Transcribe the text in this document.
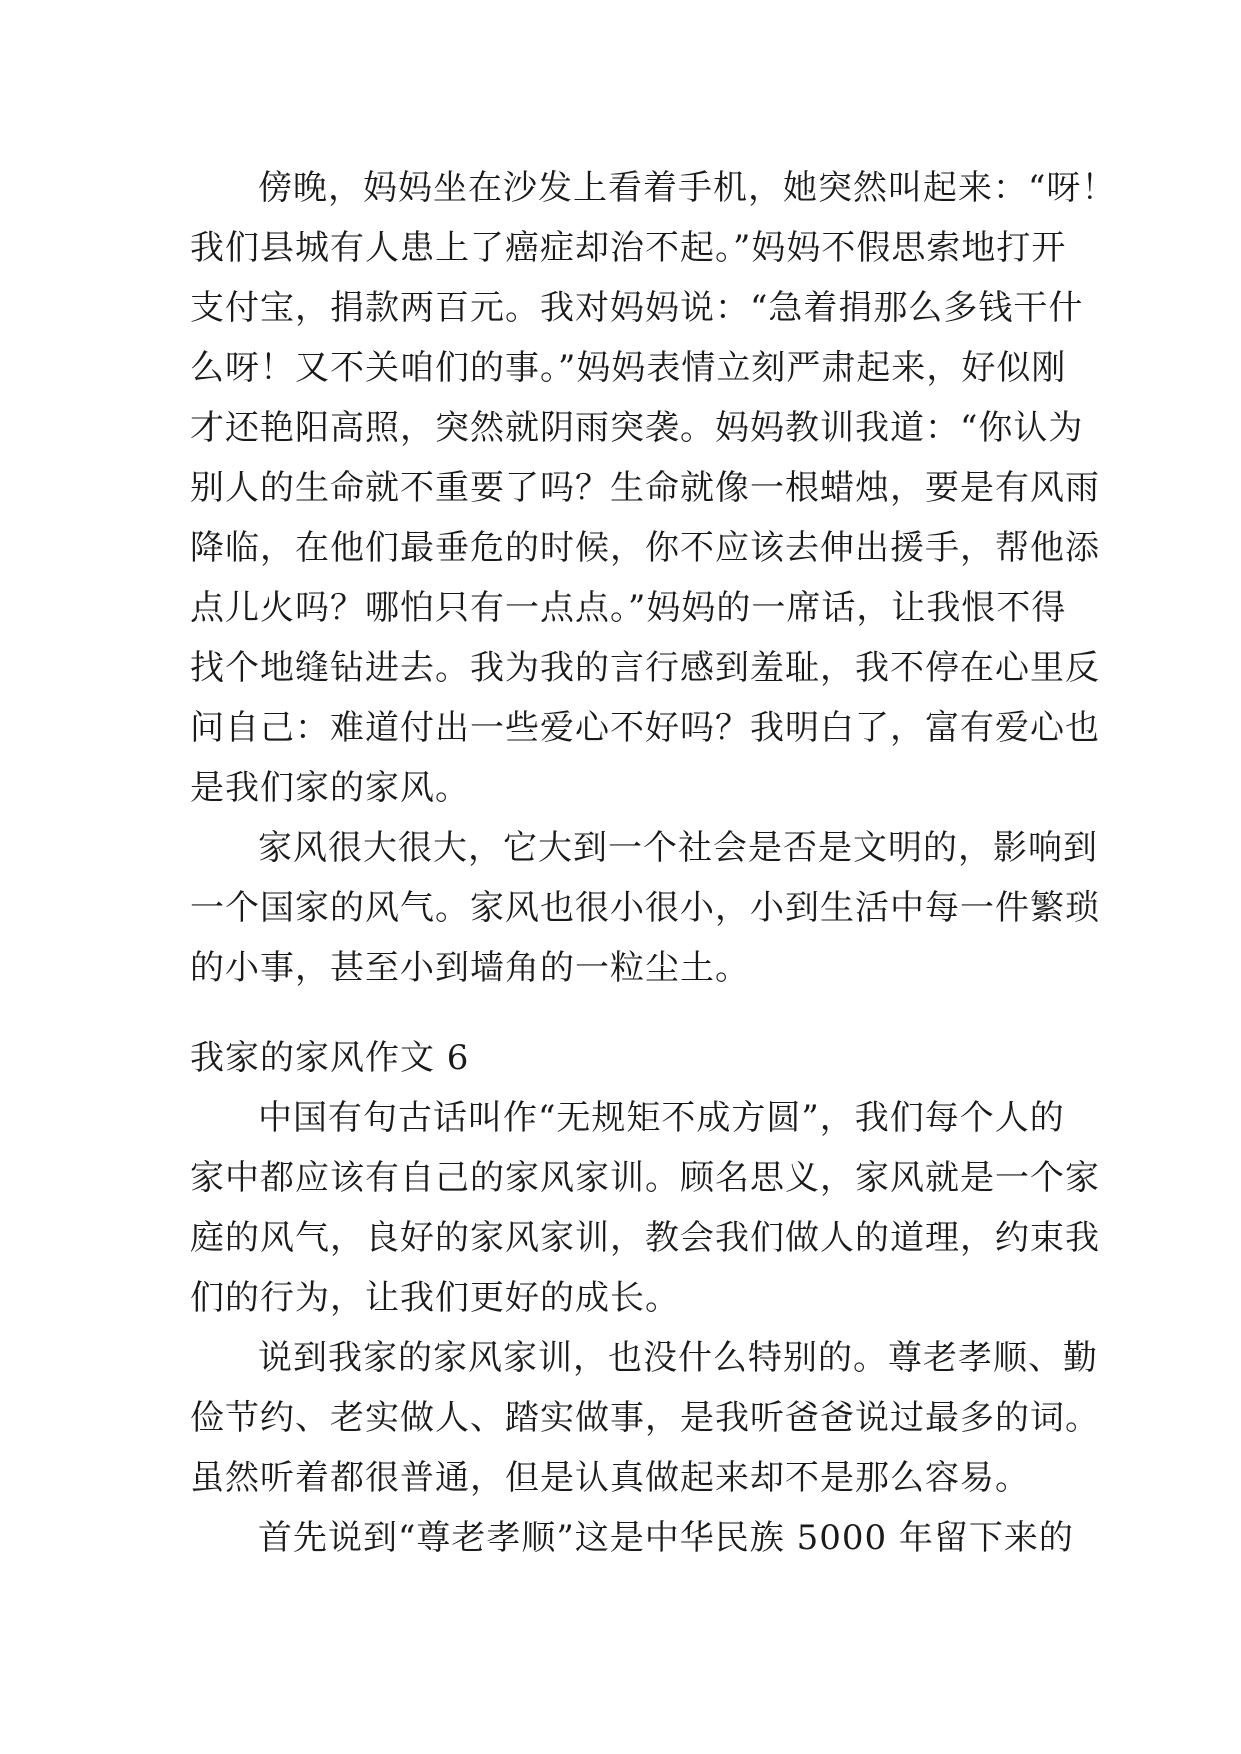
傍晚，妈妈坐在沙发上看着手机，她突然叫起来：“呀！
我们县城有人患上了癌症却治不起。”妈妈不假思索地打开
支付宝，捐款两百元。我对妈妈说：“急着捐那么多钱干什
么呀！又不关咱们的事。”妈妈表情立刻严肃起来，好似刚
才还艳阳高照，突然就阴雨突袭。妈妈教训我道：“你认为
别人的生命就不重要了吗？生命就像一根蜡烛，要是有风雨
降临，在他们最垂危的时候，你不应该去伸出援手，帮他添
点儿火吗？哪怕只有一点点。”妈妈的一席话，让我恨不得
找个地缝钻进去。我为我的言行感到羞耻，我不停在心里反
问自己：难道付出一些爱心不好吗？我明白了，富有爱心也
是我们家的家风。
家风很大很大，它大到一个社会是否是文明的，影响到
一个国家的风气。家风也很小很小，小到生活中每一件繁琐
的小事，甚至小到墙角的一粒尘土。
我家的家风作文 6
中国有句古话叫作“无规矩不成方圆”，我们每个人的
家中都应该有自己的家风家训。顾名思义，家风就是一个家
庭的风气，良好的家风家训，教会我们做人的道理，约束我
们的行为，让我们更好的成长。
说到我家的家风家训，也没什么特别的。尊老孝顺、勤
俭节约、老实做人、踏实做事，是我听爸爸说过最多的词。
虽然听着都很普通，但是认真做起来却不是那么容易。
首先说到“尊老孝顺”这是中华民族 5000 年留下来的
